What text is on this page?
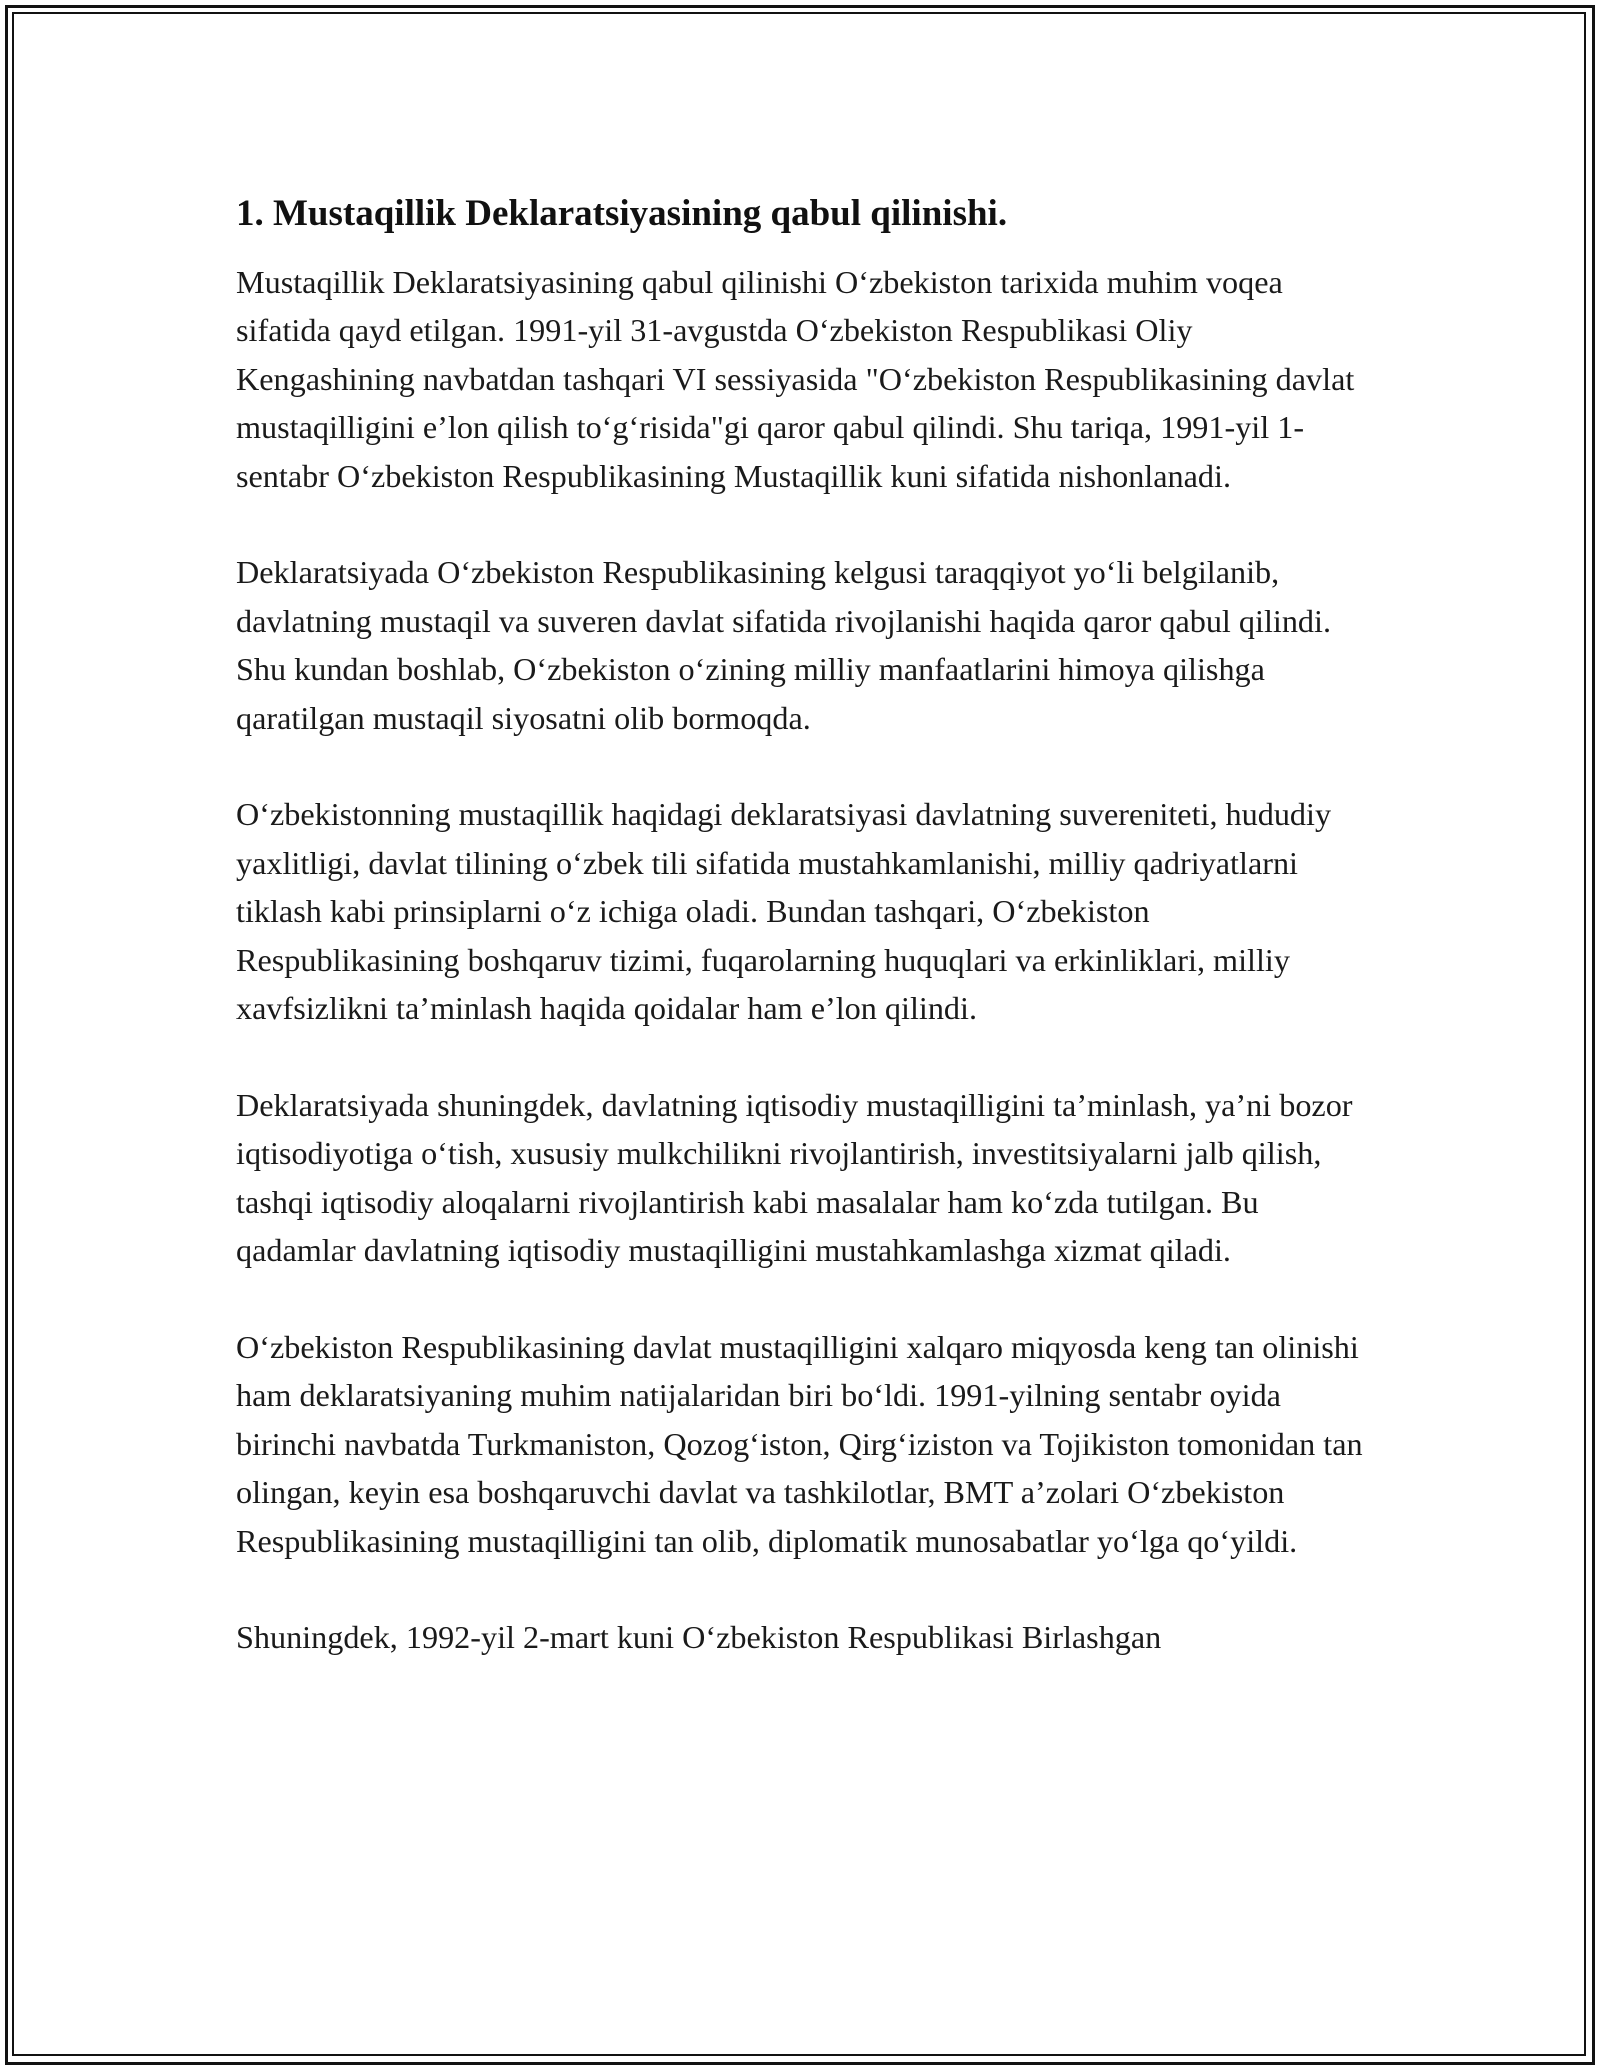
1. Mustaqillik Deklaratsiyasining qabul qilinishi.

Mustaqillik Deklaratsiyasining qabul qilinishi O‘zbekiston tarixida muhim voqea sifatida qayd etilgan. 1991-yil 31-avgustda O‘zbekiston Respublikasi Oliy Kengashining navbatdan tashqari VI sessiyasida "O‘zbekiston Respublikasining davlat mustaqilligini e’lon qilish to‘g‘risida"gi qaror qabul qilindi. Shu tariqa, 1991-yil 1-sentabr O‘zbekiston Respublikasining Mustaqillik kuni sifatida nishonlanadi.

Deklaratsiyada O‘zbekiston Respublikasining kelgusi taraqqiyot yo‘li belgilanib, davlatning mustaqil va suveren davlat sifatida rivojlanishi haqida qaror qabul qilindi. Shu kundan boshlab, O‘zbekiston o‘zining milliy manfaatlarini himoya qilishga qaratilgan mustaqil siyosatni olib bormoqda.

O‘zbekistonning mustaqillik haqidagi deklaratsiyasi davlatning suvereniteti, hududiy yaxlitligi, davlat tilining o‘zbek tili sifatida mustahkamlanishi, milliy qadriyatlarni tiklash kabi prinsiplarni o‘z ichiga oladi. Bundan tashqari, O‘zbekiston Respublikasining boshqaruv tizimi, fuqarolarning huquqlari va erkinliklari, milliy xavfsizlikni ta’minlash haqida qoidalar ham e’lon qilindi.

Deklaratsiyada shuningdek, davlatning iqtisodiy mustaqilligini ta’minlash, ya’ni bozor iqtisodiyotiga o‘tish, xususiy mulkchilikni rivojlantirish, investitsiyalarni jalb qilish, tashqi iqtisodiy aloqalarni rivojlantirish kabi masalalar ham ko‘zda tutilgan. Bu qadamlar davlatning iqtisodiy mustaqilligini mustahkamlashga xizmat qiladi.

O‘zbekiston Respublikasining davlat mustaqilligini xalqaro miqyosda keng tan olinishi ham deklaratsiyaning muhim natijalaridan biri bo‘ldi. 1991-yilning sentabr oyida birinchi navbatda Turkmaniston, Qozog‘iston, Qirg‘iziston va Tojikiston tomonidan tan olingan, keyin esa boshqaruvchi davlat va tashkilotlar, BMT a’zolari O‘zbekiston Respublikasining mustaqilligini tan olib, diplomatik munosabatlar yo‘lga qo‘yildi.

Shuningdek, 1992-yil 2-mart kuni O‘zbekiston Respublikasi Birlashgan
